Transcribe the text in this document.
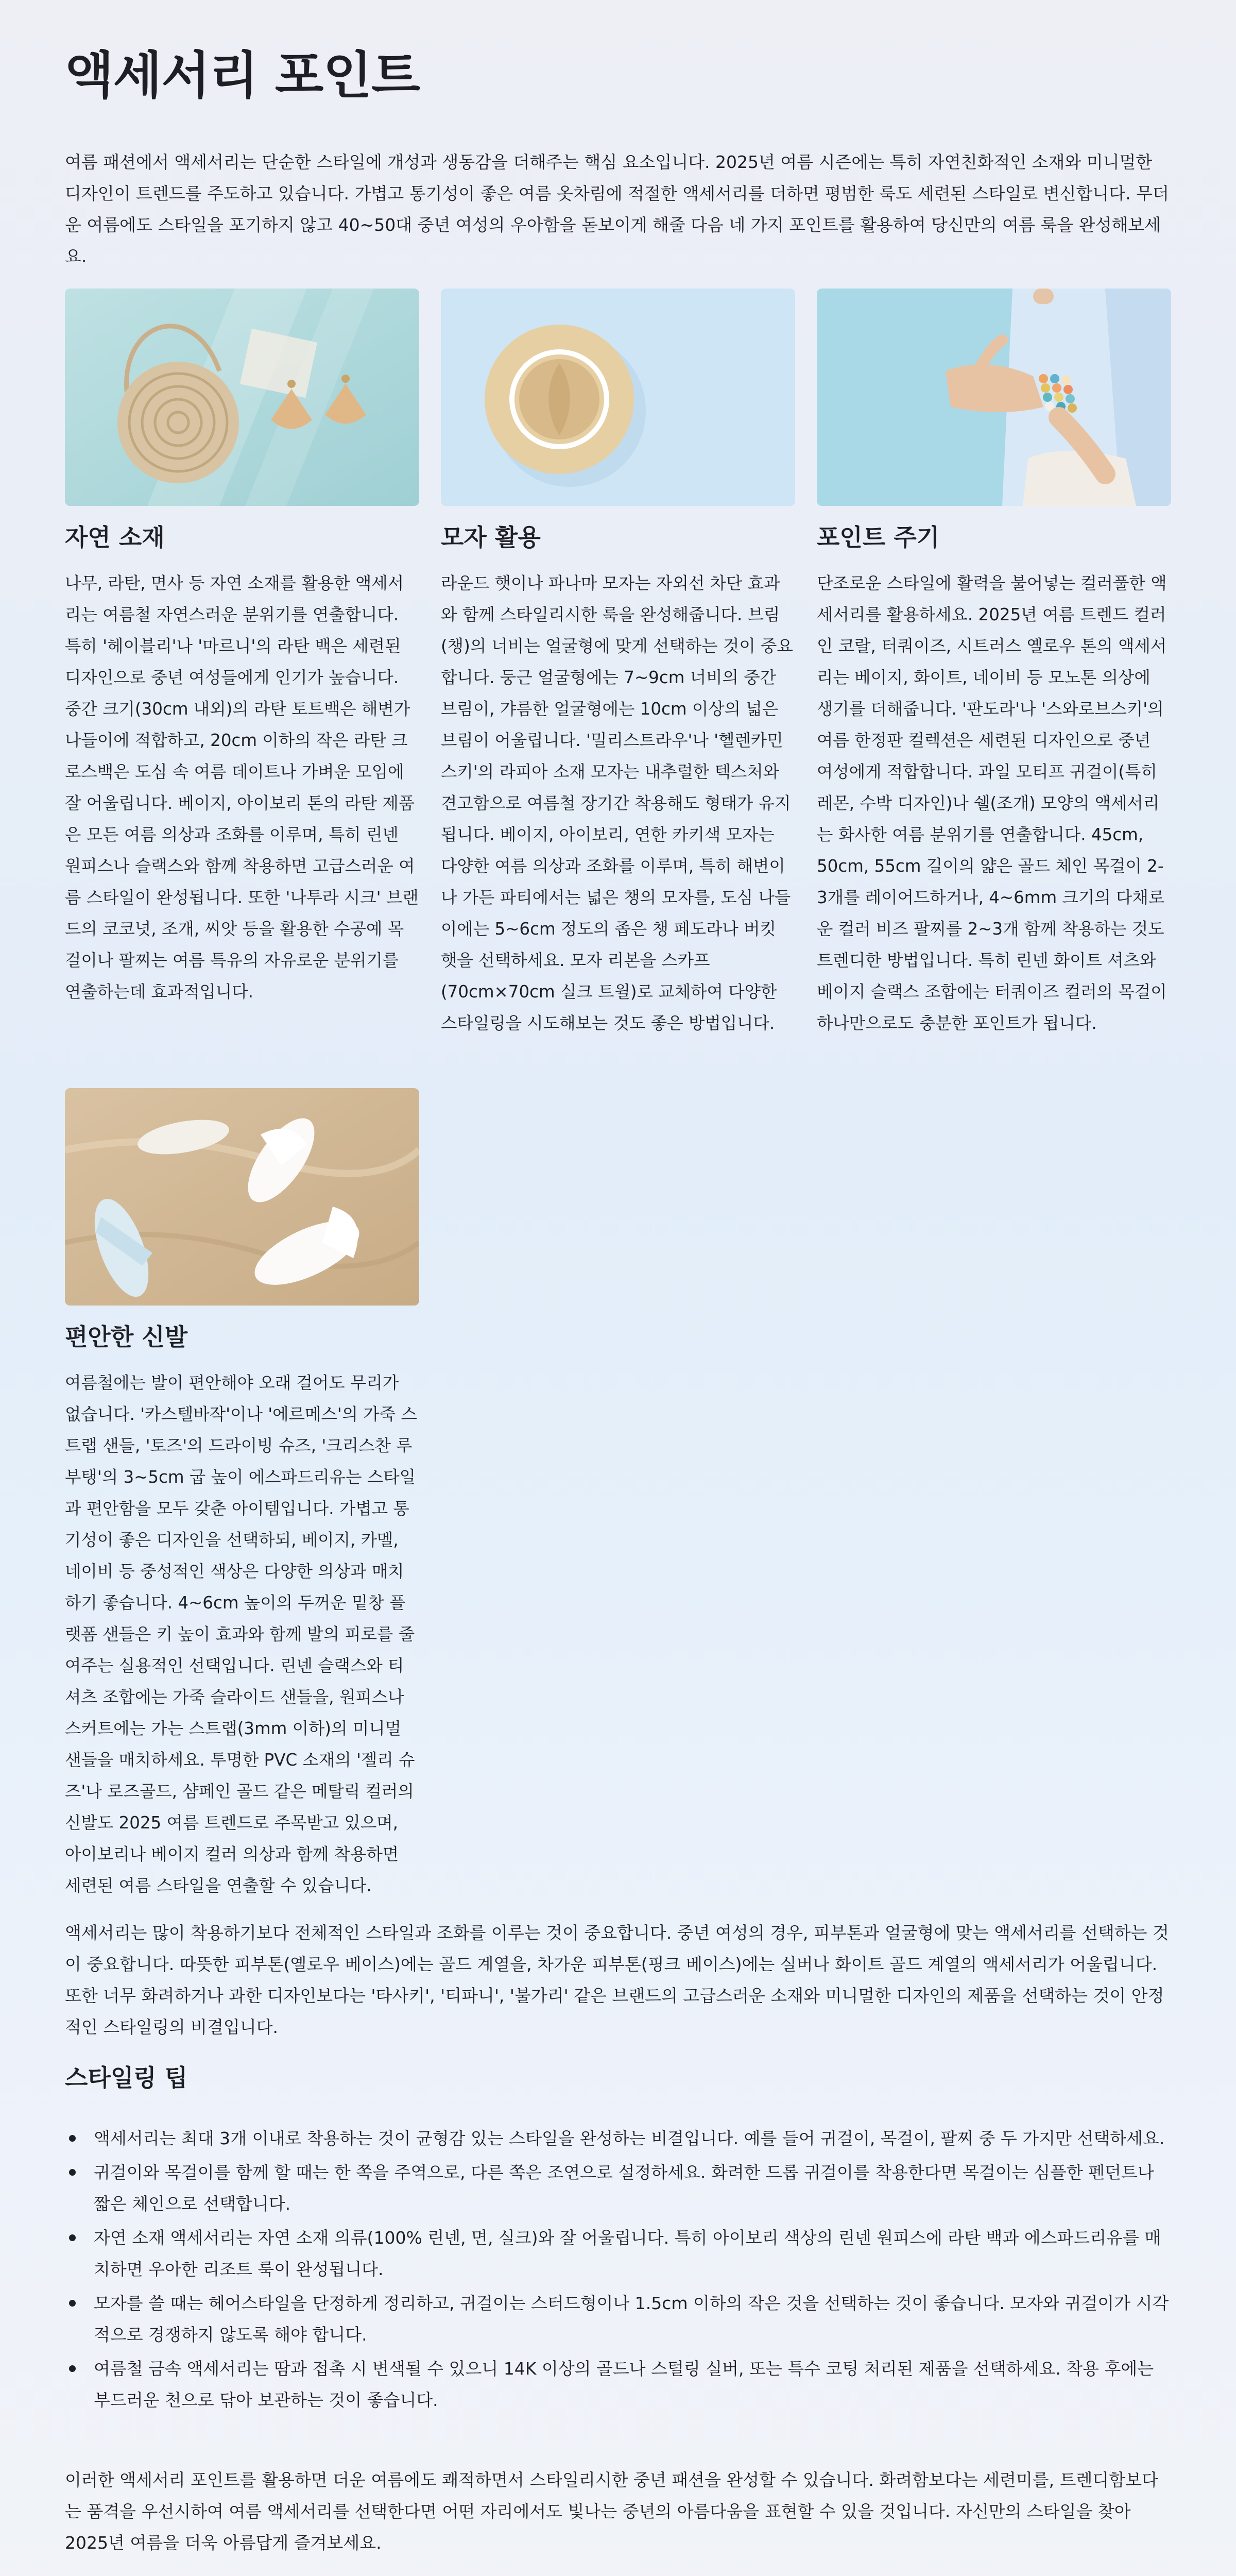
액세서리 포인트

여름 패션에서 액세서리는 단순한 스타일에 개성과 생동감을 더해주는 핵심 요소입니다. 2025년 여름 시즌에는 특히 자연친화적인 소재와 미니멀한 디자인이 트렌드를 주도하고 있습니다. 가볍고 통기성이 좋은 여름 옷차림에 적절한 액세서리를 더하면 평범한 룩도 세련된 스타일로 변신합니다. 무더운 여름에도 스타일을 포기하지 않고 40~50대 중년 여성의 우아함을 돋보이게 해줄 다음 네 가지 포인트를 활용하여 당신만의 여름 룩을 완성해보세요.

자연 소재

나무, 라탄, 면사 등 자연 소재를 활용한 액세서리는 여름철 자연스러운 분위기를 연출합니다. 특히 '헤이블리'나 '마르니'의 라탄 백은 세련된 디자인으로 중년 여성들에게 인기가 높습니다. 중간 크기(30cm 내외)의 라탄 토트백은 해변가 나들이에 적합하고, 20cm 이하의 작은 라탄 크로스백은 도심 속 여름 데이트나 가벼운 모임에 잘 어울립니다. 베이지, 아이보리 톤의 라탄 제품은 모든 여름 의상과 조화를 이루며, 특히 린넨 원피스나 슬랙스와 함께 착용하면 고급스러운 여름 스타일이 완성됩니다. 또한 '나투라 시크' 브랜드의 코코넛, 조개, 씨앗 등을 활용한 수공예 목걸이나 팔찌는 여름 특유의 자유로운 분위기를 연출하는데 효과적입니다.

모자 활용

라운드 햇이나 파나마 모자는 자외선 차단 효과와 함께 스타일리시한 룩을 완성해줍니다. 브림(챙)의 너비는 얼굴형에 맞게 선택하는 것이 중요합니다. 둥근 얼굴형에는 7~9cm 너비의 중간 브림이, 갸름한 얼굴형에는 10cm 이상의 넓은 브림이 어울립니다. '밀리스트라우'나 '헬렌카민스키'의 라피아 소재 모자는 내추럴한 텍스처와 견고함으로 여름철 장기간 착용해도 형태가 유지됩니다. 베이지, 아이보리, 연한 카키색 모자는 다양한 여름 의상과 조화를 이루며, 특히 해변이나 가든 파티에서는 넓은 챙의 모자를, 도심 나들이에는 5~6cm 정도의 좁은 챙 페도라나 버킷 햇을 선택하세요. 모자 리본을 스카프(70cm×70cm 실크 트윌)로 교체하여 다양한 스타일링을 시도해보는 것도 좋은 방법입니다.

포인트 주기

단조로운 스타일에 활력을 불어넣는 컬러풀한 액세서리를 활용하세요. 2025년 여름 트렌드 컬러인 코랄, 터쿼이즈, 시트러스 옐로우 톤의 액세서리는 베이지, 화이트, 네이비 등 모노톤 의상에 생기를 더해줍니다. '판도라'나 '스와로브스키'의 여름 한정판 컬렉션은 세련된 디자인으로 중년 여성에게 적합합니다. 과일 모티프 귀걸이(특히 레몬, 수박 디자인)나 쉘(조개) 모양의 액세서리는 화사한 여름 분위기를 연출합니다. 45cm, 50cm, 55cm 길이의 얇은 골드 체인 목걸이 2-3개를 레이어드하거나, 4~6mm 크기의 다채로운 컬러 비즈 팔찌를 2~3개 함께 착용하는 것도 트렌디한 방법입니다. 특히 린넨 화이트 셔츠와 베이지 슬랙스 조합에는 터쿼이즈 컬러의 목걸이 하나만으로도 충분한 포인트가 됩니다.

편안한 신발

여름철에는 발이 편안해야 오래 걸어도 무리가 없습니다. '카스텔바작'이나 '에르메스'의 가죽 스트랩 샌들, '토즈'의 드라이빙 슈즈, '크리스찬 루부탱'의 3~5cm 굽 높이 에스파드리유는 스타일과 편안함을 모두 갖춘 아이템입니다. 가볍고 통기성이 좋은 디자인을 선택하되, 베이지, 카멜, 네이비 등 중성적인 색상은 다양한 의상과 매치하기 좋습니다. 4~6cm 높이의 두꺼운 밑창 플랫폼 샌들은 키 높이 효과와 함께 발의 피로를 줄여주는 실용적인 선택입니다. 린넨 슬랙스와 티셔츠 조합에는 가죽 슬라이드 샌들을, 원피스나 스커트에는 가는 스트랩(3mm 이하)의 미니멀 샌들을 매치하세요. 투명한 PVC 소재의 '젤리 슈즈'나 로즈골드, 샴페인 골드 같은 메탈릭 컬러의 신발도 2025 여름 트렌드로 주목받고 있으며, 아이보리나 베이지 컬러 의상과 함께 착용하면 세련된 여름 스타일을 연출할 수 있습니다.

액세서리는 많이 착용하기보다 전체적인 스타일과 조화를 이루는 것이 중요합니다. 중년 여성의 경우, 피부톤과 얼굴형에 맞는 액세서리를 선택하는 것이 중요합니다. 따뜻한 피부톤(옐로우 베이스)에는 골드 계열을, 차가운 피부톤(핑크 베이스)에는 실버나 화이트 골드 계열의 액세서리가 어울립니다. 또한 너무 화려하거나 과한 디자인보다는 '타사키', '티파니', '불가리' 같은 브랜드의 고급스러운 소재와 미니멀한 디자인의 제품을 선택하는 것이 안정적인 스타일링의 비결입니다.

스타일링 팁
액세서리는 최대 3개 이내로 착용하는 것이 균형감 있는 스타일을 완성하는 비결입니다. 예를 들어 귀걸이, 목걸이, 팔찌 중 두 가지만 선택하세요.
귀걸이와 목걸이를 함께 할 때는 한 쪽을 주역으로, 다른 쪽은 조연으로 설정하세요. 화려한 드롭 귀걸이를 착용한다면 목걸이는 심플한 펜던트나 짧은 체인으로 선택합니다.
자연 소재 액세서리는 자연 소재 의류(100% 린넨, 면, 실크)와 잘 어울립니다. 특히 아이보리 색상의 린넨 원피스에 라탄 백과 에스파드리유를 매치하면 우아한 리조트 룩이 완성됩니다.
모자를 쓸 때는 헤어스타일을 단정하게 정리하고, 귀걸이는 스터드형이나 1.5cm 이하의 작은 것을 선택하는 것이 좋습니다. 모자와 귀걸이가 시각적으로 경쟁하지 않도록 해야 합니다.
여름철 금속 액세서리는 땀과 접촉 시 변색될 수 있으니 14K 이상의 골드나 스털링 실버, 또는 특수 코팅 처리된 제품을 선택하세요. 착용 후에는 부드러운 천으로 닦아 보관하는 것이 좋습니다.

이러한 액세서리 포인트를 활용하면 더운 여름에도 쾌적하면서 스타일리시한 중년 패션을 완성할 수 있습니다. 화려함보다는 세련미를, 트렌디함보다는 품격을 우선시하여 여름 액세서리를 선택한다면 어떤 자리에서도 빛나는 중년의 아름다움을 표현할 수 있을 것입니다. 자신만의 스타일을 찾아 2025년 여름을 더욱 아름답게 즐겨보세요.
